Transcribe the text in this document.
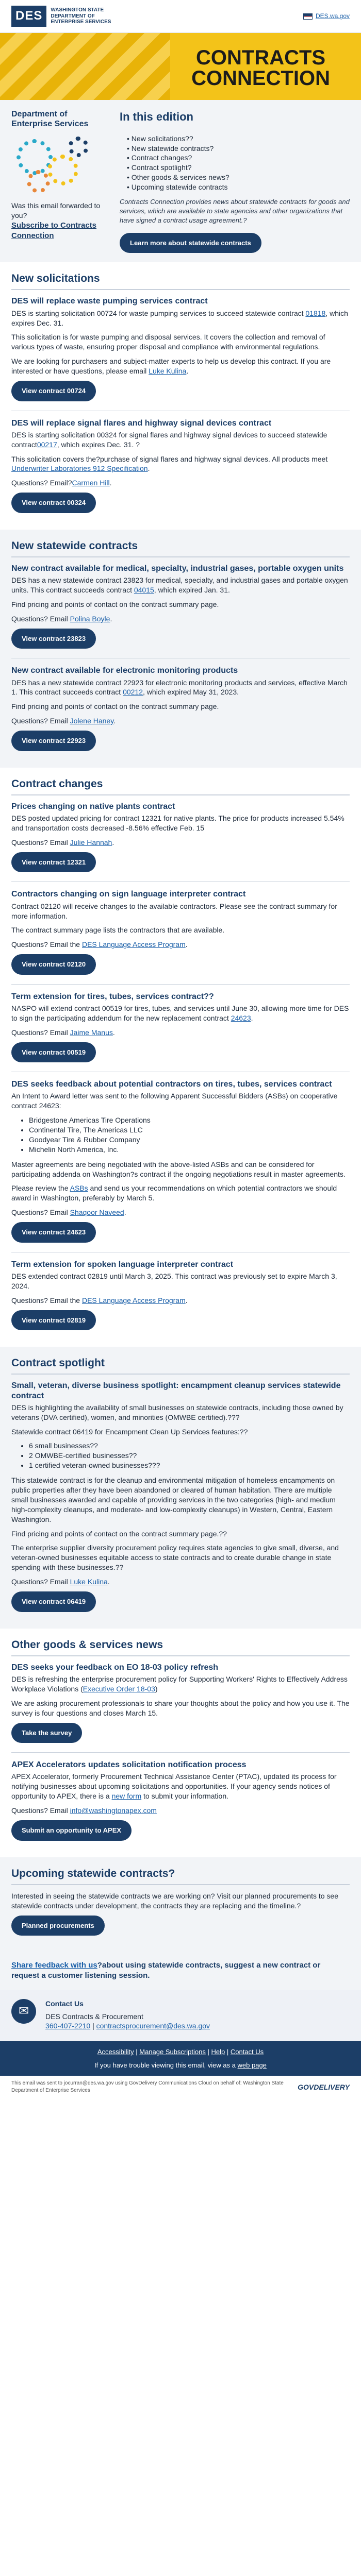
DES	WASHINGTON STATE
DEPARTMENT OF
ENTERPRISE SERVICES
DES.wa.gov
CONTRACTS
CONNECTION
Department of Enterprise Services
Was this email forwarded to you?
Subscribe to Contracts Connection
In this edition
• New solicitations??
• New statewide contracts?
• Contract changes?
• Contract spotlight?
• Other goods & services news?
• Upcoming statewide contracts

Contracts Connection provides news about statewide contracts for goods and services, which are available to state agencies and other organizations that have signed a contract usage agreement.?

Learn more about statewide contracts
New solicitations
DES will replace waste pumping services contract

DES is starting solicitation 00724 for waste pumping services to succeed statewide contract 01818, which expires Dec. 31.

This solicitation is for waste pumping and disposal services. It covers the collection and removal of various types of waste, ensuring proper disposal and compliance with environmental regulations.

We are looking for purchasers and subject-matter experts to help us develop this contract. If you are interested or have questions, please email Luke Kulina.

View contract 00724
DES will replace signal flares and highway signal devices contract

DES is starting solicitation 00324 for signal flares and highway signal devices to succeed statewide contract00217, which expires Dec. 31. ?

This solicitation covers the?purchase of signal flares and highway signal devices. All products meet Underwriter Laboratories 912 Specification.

Questions? Email?Carmen Hill.

View contract 00324
New statewide contracts
New contract available for medical, specialty, industrial gases, portable oxygen units

DES has a new statewide contract 23823 for medical, specialty, and industrial gases and portable oxygen units. This contract succeeds contract 04015, which expired Jan. 31.

Find pricing and points of contact on the contract summary page.

Questions? Email Polina Boyle.

View contract 23823
New contract available for electronic monitoring products

DES has a new statewide contract 22923 for electronic monitoring products and services, effective March 1. This contract succeeds contract 00212, which expired May 31, 2023.

Find pricing and points of contact on the contract summary page.

Questions? Email Jolene Haney.

View contract 22923
Contract changes
Prices changing on native plants contract

DES posted updated pricing for contract 12321 for native plants. The price for products increased 5.54% and transportation costs decreased -8.56% effective Feb. 15

Questions? Email Julie Hannah.

View contract 12321
Contractors changing on sign language interpreter contract

Contract 02120 will receive changes to the available contractors. Please see the contract summary for more information.

The contract summary page lists the contractors that are available.

Questions? Email the DES Language Access Program.

View contract 02120
Term extension for tires, tubes, services contract??

NASPO will extend contract 00519 for tires, tubes, and services until June 30, allowing more time for DES to sign the participating addendum for the new replacement contract 24623.

Questions? Email Jaime Manus.

View contract 00519
DES seeks feedback about potential contractors on tires, tubes, services contract

An Intent to Award letter was sent to the following Apparent Successful Bidders (ASBs) on cooperative contract 24623:

• Bridgestone Americas Tire Operations
• Continental Tire, The Americas LLC
• Goodyear Tire & Rubber Company
• Michelin North America, Inc.

Master agreements are being negotiated with the above-listed ASBs and can be considered for participating addenda on Washington?s contract if the ongoing negotiations result in master agreements.

Please review the ASBs and send us your recommendations on which potential contractors we should award in Washington, preferably by March 5.

Questions? Email Shaqoor Naveed.

View contract 24623
Term extension for spoken language interpreter contract

DES extended contract 02819 until March 3, 2025. This contract was previously set to expire March 3, 2024.

Questions? Email the DES Language Access Program.

View contract 02819
Contract spotlight
Small, veteran, diverse business spotlight: encampment cleanup services statewide contract

DES is highlighting the availability of small businesses on statewide contracts, including those owned by veterans (DVA certified), women, and minorities (OMWBE certified).???

Statewide contract 06419 for Encampment Clean Up Services features:??

• 6 small businesses??
• 2 OMWBE-certified businesses??
• 1 certified veteran-owned businesses???

This statewide contract is for the cleanup and environmental mitigation of homeless encampments on public properties after they have been abandoned or cleared of human habitation. There are multiple small businesses awarded and capable of providing services in the two categories (high- and medium high-complexity cleanups, and moderate- and low-complexity cleanups) in Western, Central, Eastern Washington.

Find pricing and points of contact on the contract summary page.??

The enterprise supplier diversity procurement policy requires state agencies to give small, diverse, and veteran-owned businesses equitable access to state contracts and to create durable change in state spending with these businesses.??

Questions? Email Luke Kulina.

View contract 06419
Other goods & services news
DES seeks your feedback on EO 18-03 policy refresh

DES is refreshing the enterprise procurement policy for Supporting Workers' Rights to Effectively Address Workplace Violations (Executive Order 18-03)

We are asking procurement professionals to share your thoughts about the policy and how you use it. The survey is four questions and closes March 15.

Take the survey
APEX Accelerators updates solicitation notification process

APEX Accelerator, formerly Procurement Technical Assistance Center (PTAC), updated its process for notifying businesses about upcoming solicitations and opportunities. If your agency sends notices of opportunity to APEX, there is a new form to submit your information.

Questions? Email info@washingtonapex.com

Submit an opportunity to APEX
Upcoming statewide contracts?

Interested in seeing the statewide contracts we are working on? Visit our planned procurements to see statewide contracts under development, the contracts they are replacing and the timeline.?

Planned procurements
Share feedback with us?about using statewide contracts, suggest a new contract or request a customer listening session.
✉
Contact Us
DES Contracts & Procurement
360-407-2210 | contractsprocurement@des.wa.gov
Accessibility | Manage Subscriptions | Help | Contact Us
If you have trouble viewing this email, view as a web page
This email was sent to jocurran@des.wa.gov using GovDelivery Communications Cloud on behalf of: Washington State Department of Enterprise Services	GOVDELIVERY
